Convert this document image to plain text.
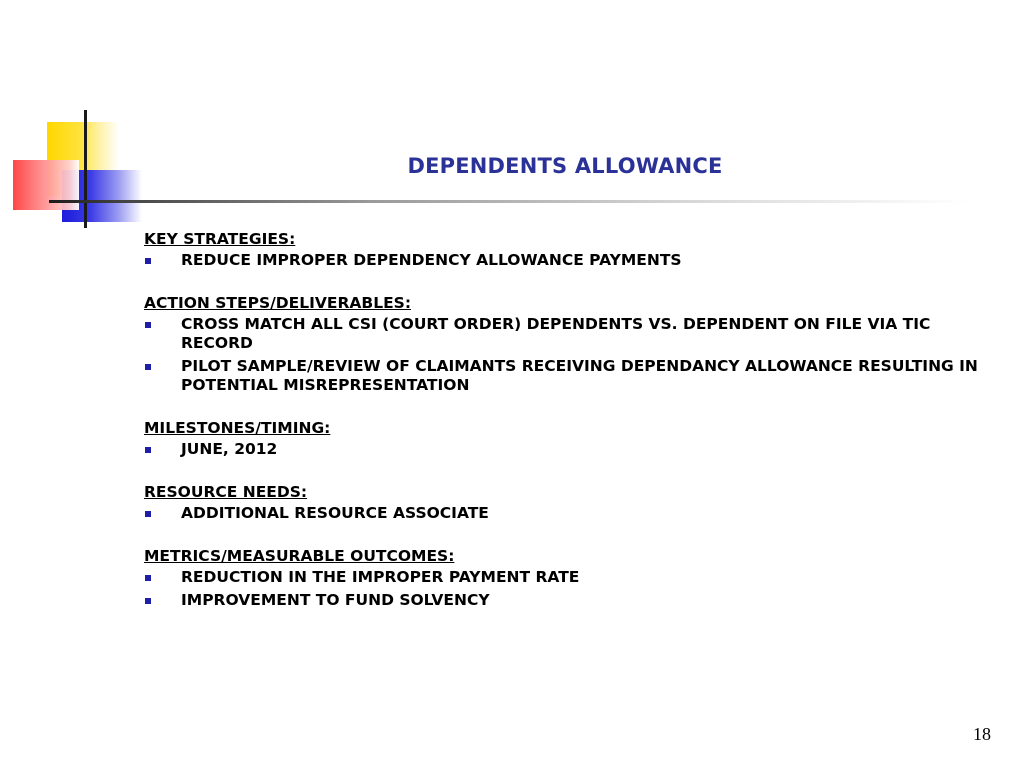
DEPENDENTS ALLOWANCE
KEY STRATEGIES:
REDUCE IMPROPER DEPENDENCY ALLOWANCE PAYMENTS
ACTION STEPS/DELIVERABLES:
CROSS MATCH ALL CSI (COURT ORDER) DEPENDENTS VS. DEPENDENT ON FILE VIA TIC RECORD
PILOT SAMPLE/REVIEW OF CLAIMANTS RECEIVING DEPENDANCY ALLOWANCE RESULTING IN POTENTIAL MISREPRESENTATION
MILESTONES/TIMING:
JUNE, 2012
RESOURCE NEEDS:
ADDITIONAL RESOURCE ASSOCIATE
METRICS/MEASURABLE OUTCOMES:
REDUCTION IN THE IMPROPER PAYMENT RATE
IMPROVEMENT TO FUND SOLVENCY
18
